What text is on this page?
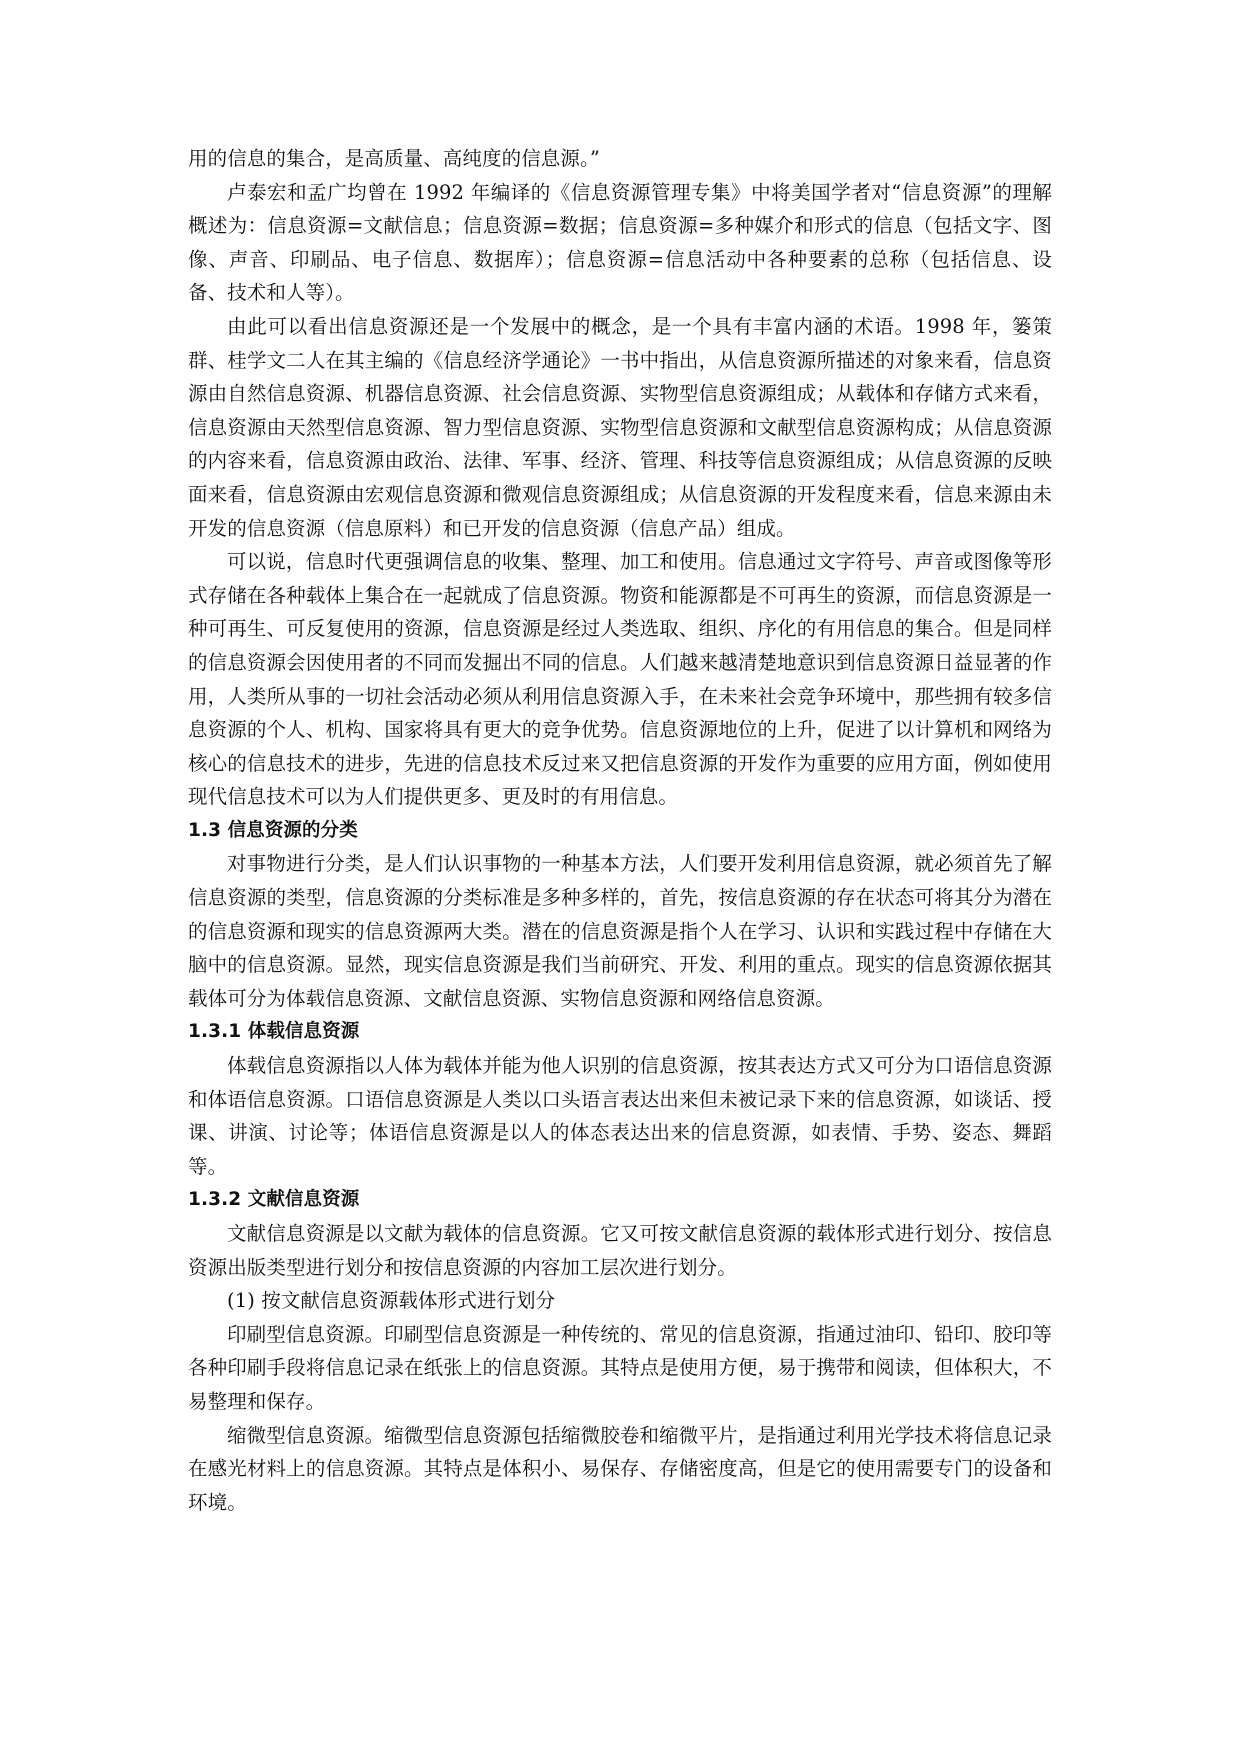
用的信息的集合，是高质量、高纯度的信息源。”

卢泰宏和孟广均曾在 1992 年编译的《信息资源管理专集》中将美国学者对“信息资源”的理解概述为：信息资源=文献信息；信息资源=数据；信息资源=多种媒介和形式的信息（包括文字、图像、声音、印刷品、电子信息、数据库）；信息资源=信息活动中各种要素的总称（包括信息、设备、技术和人等）。

由此可以看出信息资源还是一个发展中的概念，是一个具有丰富内涵的术语。1998 年，篓策群、桂学文二人在其主编的《信息经济学通论》一书中指出，从信息资源所描述的对象来看，信息资源由自然信息资源、机器信息资源、社会信息资源、实物型信息资源组成；从载体和存储方式来看，信息资源由天然型信息资源、智力型信息资源、实物型信息资源和文献型信息资源构成；从信息资源的内容来看，信息资源由政治、法律、军事、经济、管理、科技等信息资源组成；从信息资源的反映面来看，信息资源由宏观信息资源和微观信息资源组成；从信息资源的开发程度来看，信息来源由未开发的信息资源（信息原料）和已开发的信息资源（信息产品）组成。

可以说，信息时代更强调信息的收集、整理、加工和使用。信息通过文字符号、声音或图像等形式存储在各种载体上集合在一起就成了信息资源。物资和能源都是不可再生的资源，而信息资源是一种可再生、可反复使用的资源，信息资源是经过人类选取、组织、序化的有用信息的集合。但是同样的信息资源会因使用者的不同而发掘出不同的信息。人们越来越清楚地意识到信息资源日益显著的作用，人类所从事的一切社会活动必须从利用信息资源入手，在未来社会竞争环境中，那些拥有较多信息资源的个人、机构、国家将具有更大的竞争优势。信息资源地位的上升，促进了以计算机和网络为核心的信息技术的进步，先进的信息技术反过来又把信息资源的开发作为重要的应用方面，例如使用现代信息技术可以为人们提供更多、更及时的有用信息。

1.3 信息资源的分类

对事物进行分类，是人们认识事物的一种基本方法，人们要开发利用信息资源，就必须首先了解信息资源的类型，信息资源的分类标准是多种多样的，首先，按信息资源的存在状态可将其分为潜在的信息资源和现实的信息资源两大类。潜在的信息资源是指个人在学习、认识和实践过程中存储在大脑中的信息资源。显然，现实信息资源是我们当前研究、开发、利用的重点。现实的信息资源依据其载体可分为体载信息资源、文献信息资源、实物信息资源和网络信息资源。

1.3.1 体载信息资源

体载信息资源指以人体为载体并能为他人识别的信息资源，按其表达方式又可分为口语信息资源和体语信息资源。口语信息资源是人类以口头语言表达出来但未被记录下来的信息资源，如谈话、授课、讲演、讨论等；体语信息资源是以人的体态表达出来的信息资源，如表情、手势、姿态、舞蹈等。

1.3.2 文献信息资源

文献信息资源是以文献为载体的信息资源。它又可按文献信息资源的载体形式进行划分、按信息资源出版类型进行划分和按信息资源的内容加工层次进行划分。

(1) 按文献信息资源载体形式进行划分

印刷型信息资源。印刷型信息资源是一种传统的、常见的信息资源，指通过油印、铅印、胶印等各种印刷手段将信息记录在纸张上的信息资源。其特点是使用方便，易于携带和阅读，但体积大，不易整理和保存。

缩微型信息资源。缩微型信息资源包括缩微胶卷和缩微平片，是指通过利用光学技术将信息记录在感光材料上的信息资源。其特点是体积小、易保存、存储密度高，但是它的使用需要专门的设备和环境。
